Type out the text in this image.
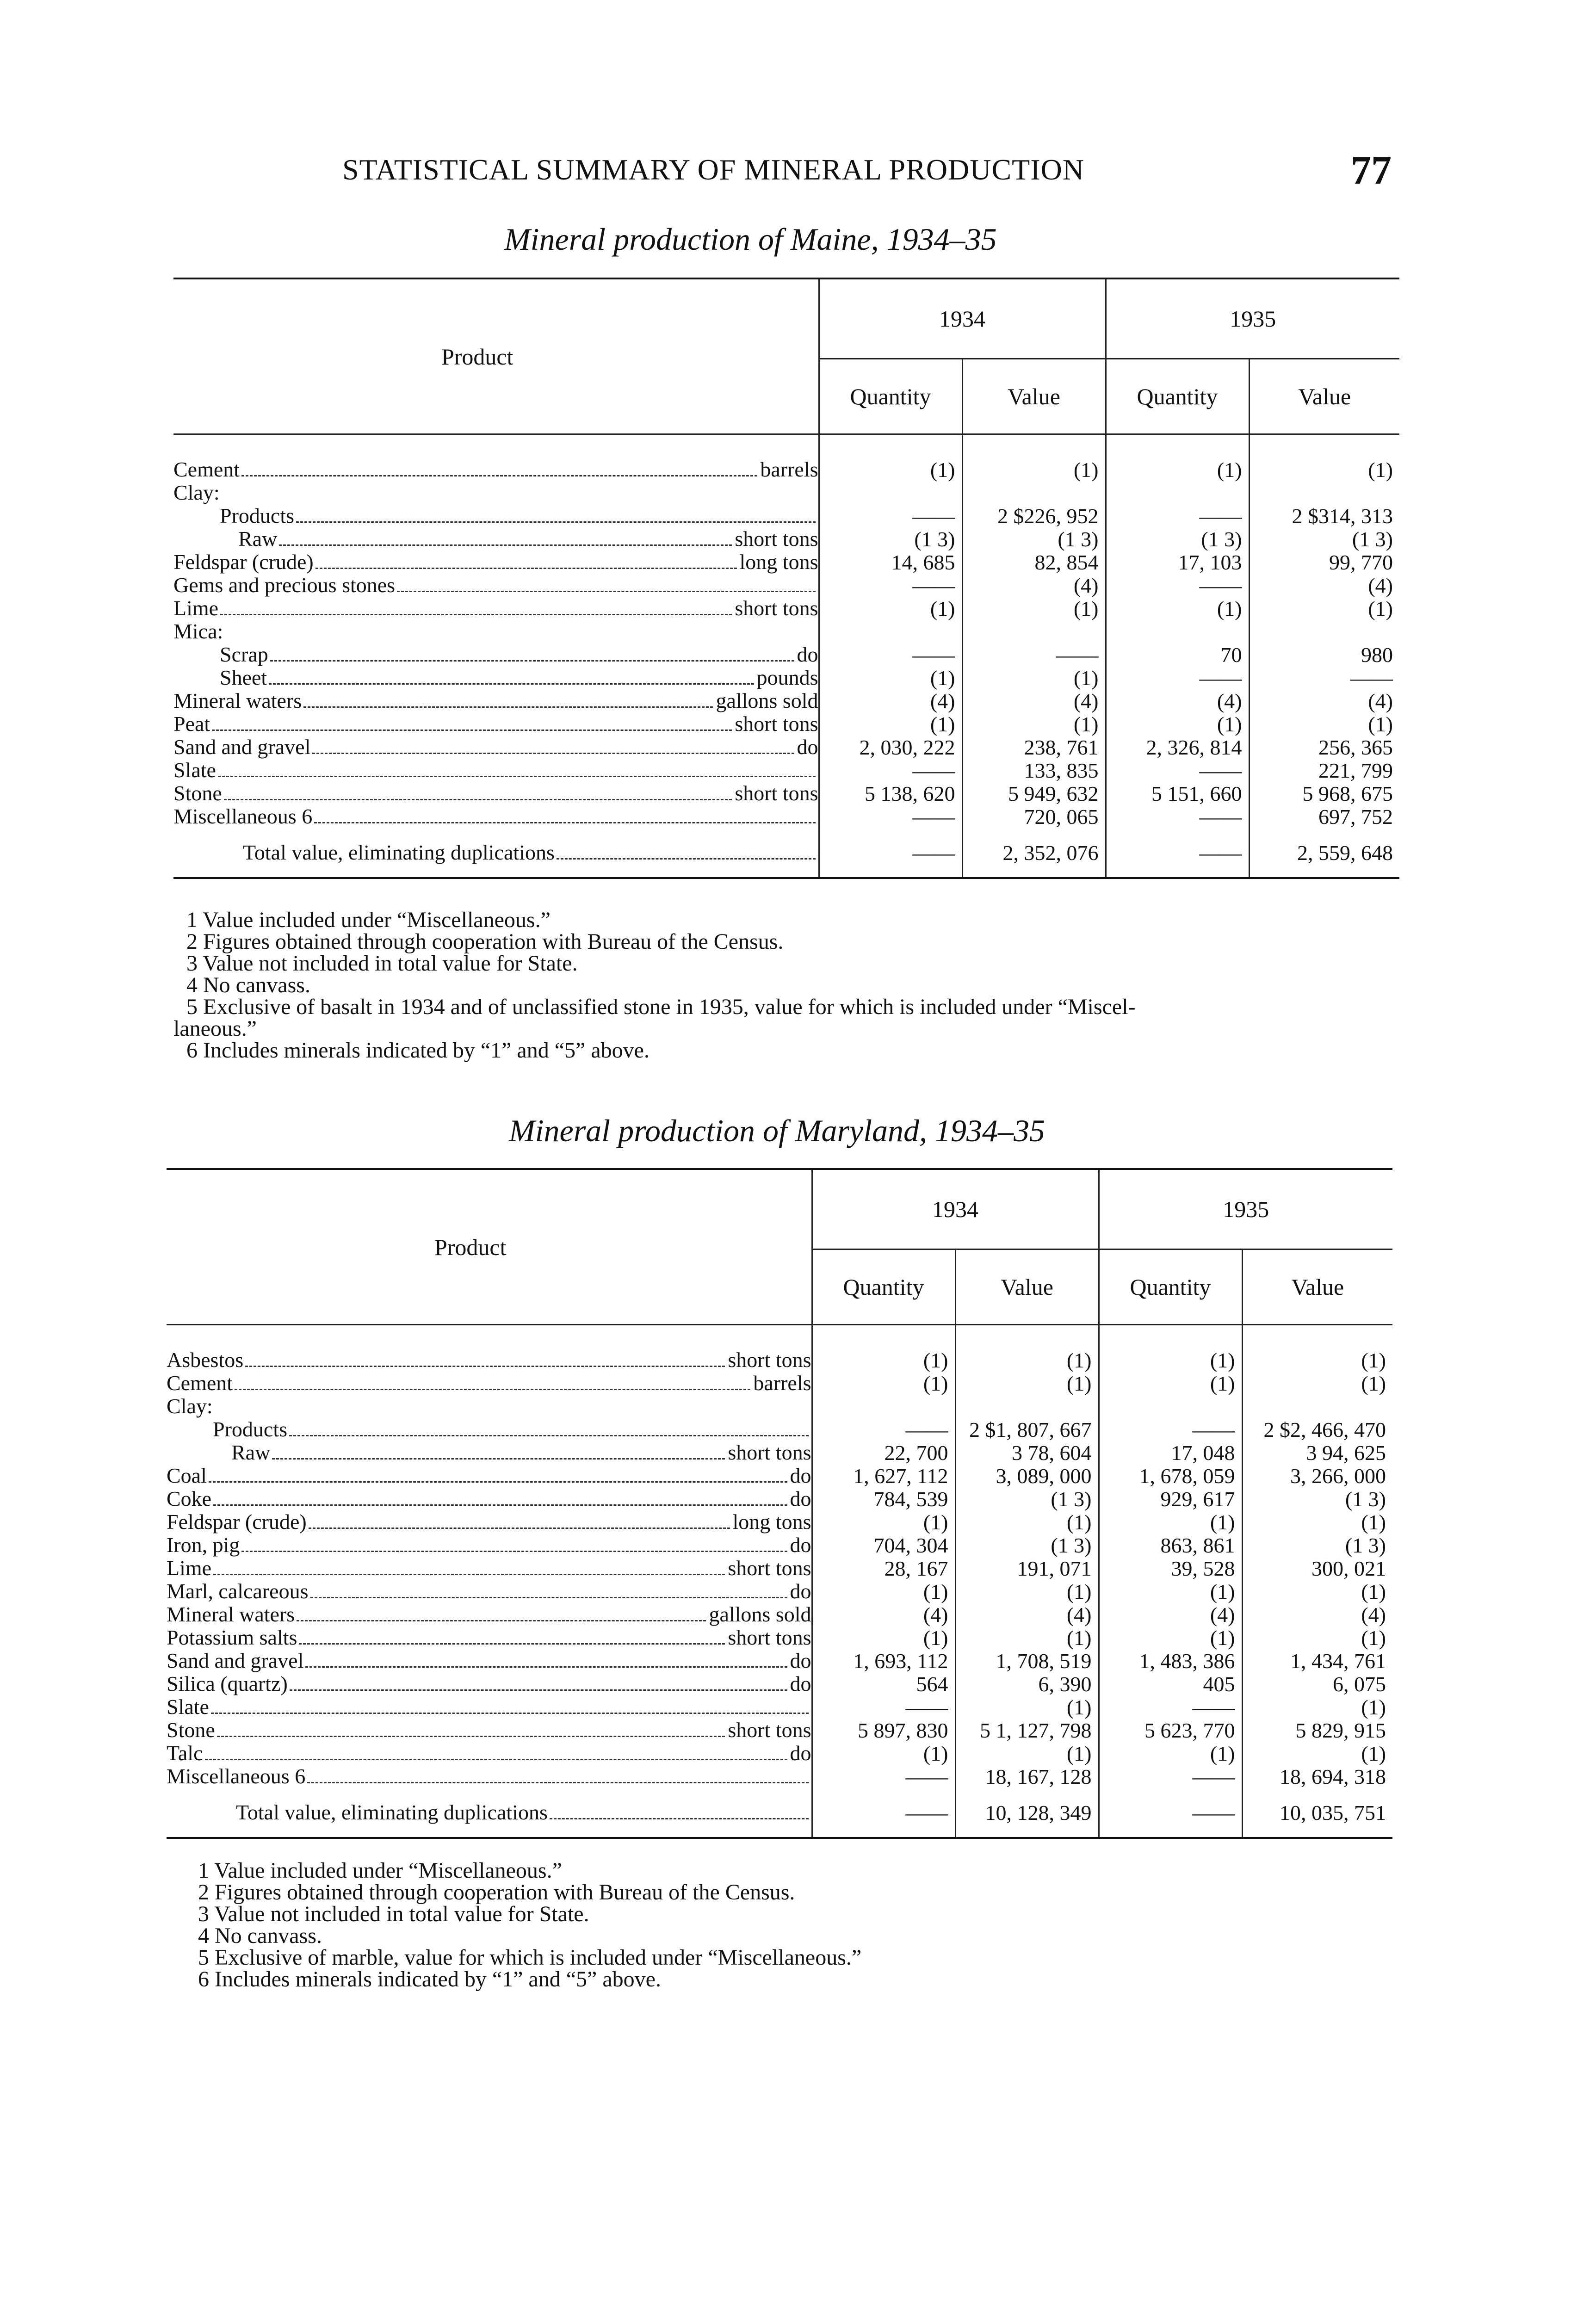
STATISTICAL SUMMARY OF MINERAL PRODUCTION	77
Mineral production of Maine, 1934–35
Product	1934		1935	
	Quantity	Value	Quantity	Value

Cement barrels	(1)	(1)	(1)	(1)

Clay:				

Products	——	2 $226, 952	——	2 $314, 313

Raw short tons	(1 3)	(1 3)	(1 3)	(1 3)

Feldspar (crude) long tons	14, 685	82, 854	17, 103	99, 770

Gems and precious stones	——	(4)	——	(4)

Lime short tons	(1)	(1)	(1)	(1)

Mica:				

Scrap do	——	——	70	980

Sheet pounds	(1)	(1)	——	——

Mineral waters gallons sold	(4)	(4)	(4)	(4)

Peat short tons	(1)	(1)	(1)	(1)

Sand and gravel do	2, 030, 222	238, 761	2, 326, 814	256, 365

Slate	——	133, 835	——	221, 799

Stone short tons	5 138, 620	5 949, 632	5 151, 660	5 968, 675

Miscellaneous 6	——	720, 065	——	697, 752

Total value, eliminating duplications	——	2, 352, 076	——	2, 559, 648

1 Value included under “Miscellaneous.”

2 Figures obtained through cooperation with Bureau of the Census.

3 Value not included in total value for State.

4 No canvass.

5 Exclusive of basalt in 1934 and of unclassified stone in 1935, value for which is included under “Miscel-

laneous.”

6 Includes minerals indicated by “1” and “5” above.

Mineral production of Maryland, 1934–35
Product	1934		1935	
	Quantity	Value	Quantity	Value

Asbestos short tons	(1)	(1)	(1)	(1)

Cement barrels	(1)	(1)	(1)	(1)

Clay:				

Products	——	2 $1, 807, 667	——	2 $2, 466, 470

Raw short tons	22, 700	3 78, 604	17, 048	3 94, 625

Coal do	1, 627, 112	3, 089, 000	1, 678, 059	3, 266, 000

Coke do	784, 539	(1 3)	929, 617	(1 3)

Feldspar (crude) long tons	(1)	(1)	(1)	(1)

Iron, pig do	704, 304	(1 3)	863, 861	(1 3)

Lime short tons	28, 167	191, 071	39, 528	300, 021

Marl, calcareous do	(1)	(1)	(1)	(1)

Mineral waters gallons sold	(4)	(4)	(4)	(4)

Potassium salts short tons	(1)	(1)	(1)	(1)

Sand and gravel do	1, 693, 112	1, 708, 519	1, 483, 386	1, 434, 761

Silica (quartz) do	564	6, 390	405	6, 075

Slate	——	(1)	——	(1)

Stone short tons	5 897, 830	5 1, 127, 798	5 623, 770	5 829, 915

Talc do	(1)	(1)	(1)	(1)

Miscellaneous 6	——	18, 167, 128	——	18, 694, 318

Total value, eliminating duplications	——	10, 128, 349	——	10, 035, 751

1 Value included under “Miscellaneous.”

2 Figures obtained through cooperation with Bureau of the Census.

3 Value not included in total value for State.

4 No canvass.

5 Exclusive of marble, value for which is included under “Miscellaneous.”

6 Includes minerals indicated by “1” and “5” above.
